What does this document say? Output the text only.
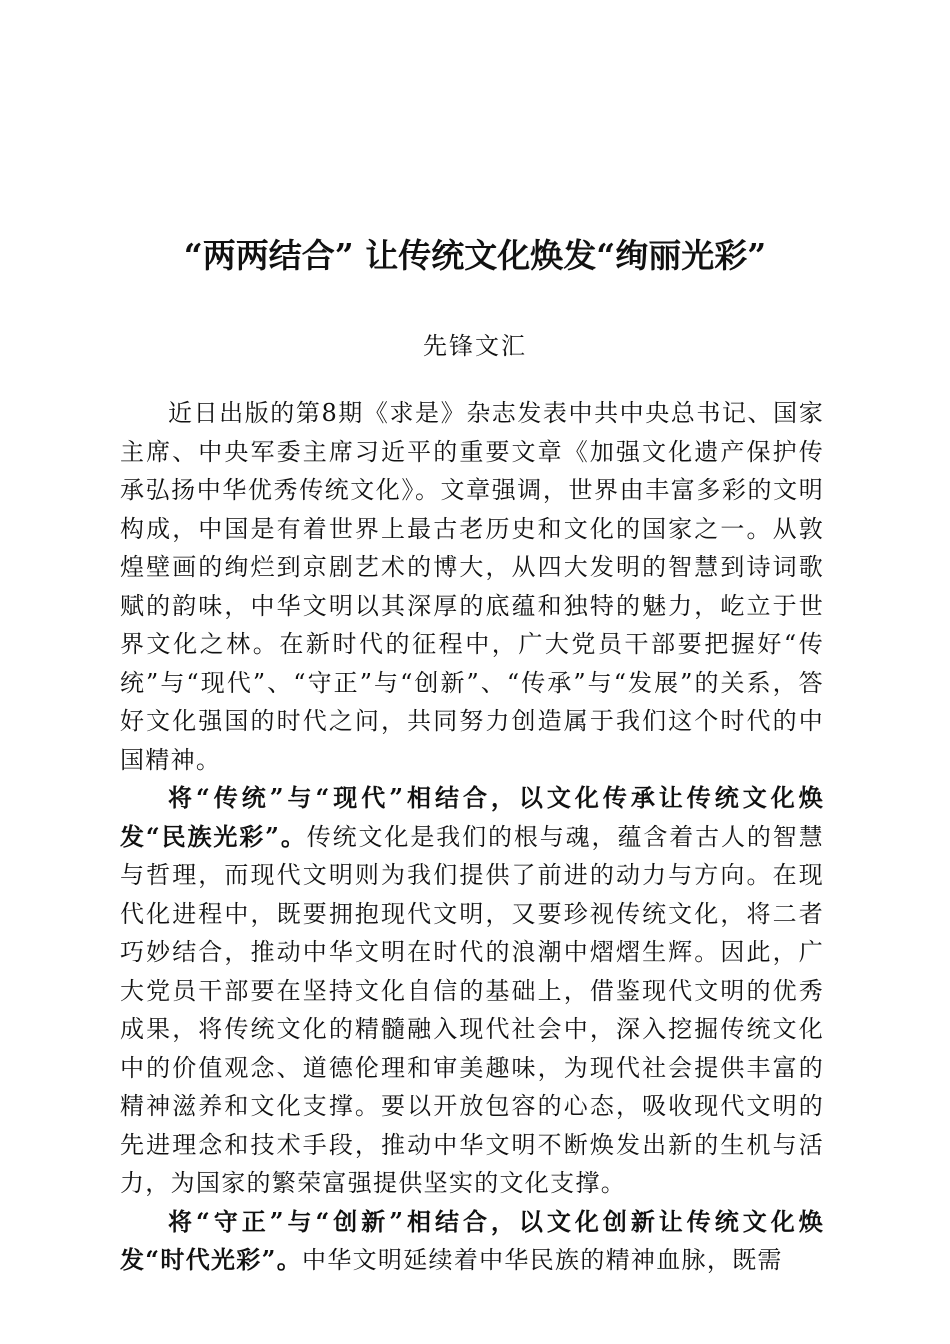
“两两结合” 让传统文化焕发“绚丽光彩”
先锋文汇

近日出版的第8期《求是》杂志发表中共中央总书记、国家主席、中央军委主席习近平的重要文章《加强文化遗产保护传承弘扬中华优秀传统文化》。文章强调，世界由丰富多彩的文明构成，中国是有着世界上最古老历史和文化的国家之一。从敦煌壁画的绚烂到京剧艺术的博大，从四大发明的智慧到诗词歌赋的韵味，中华文明以其深厚的底蕴和独特的魅力，屹立于世界文化之林。在新时代的征程中，广大党员干部要把握好“传统”与“现代”、“守正”与“创新”、“传承”与“发展”的关系，答好文化强国的时代之问，共同努力创造属于我们这个时代的中国精神。

将“传统”与“现代”相结合，以文化传承让传统文化焕发“民族光彩”。传统文化是我们的根与魂，蕴含着古人的智慧与哲理，而现代文明则为我们提供了前进的动力与方向。在现代化进程中，既要拥抱现代文明，又要珍视传统文化，将二者巧妙结合，推动中华文明在时代的浪潮中熠熠生辉。因此，广大党员干部要在坚持文化自信的基础上，借鉴现代文明的优秀成果，将传统文化的精髓融入现代社会中，深入挖掘传统文化中的价值观念、道德伦理和审美趣味，为现代社会提供丰富的精神滋养和文化支撑。要以开放包容的心态，吸收现代文明的先进理念和技术手段，推动中华文明不断焕发出新的生机与活力，为国家的繁荣富强提供坚实的文化支撑。

将“守正”与“创新”相结合，以文化创新让传统文化焕发“时代光彩”。中华文明延续着中华民族的精神血脉，既需
